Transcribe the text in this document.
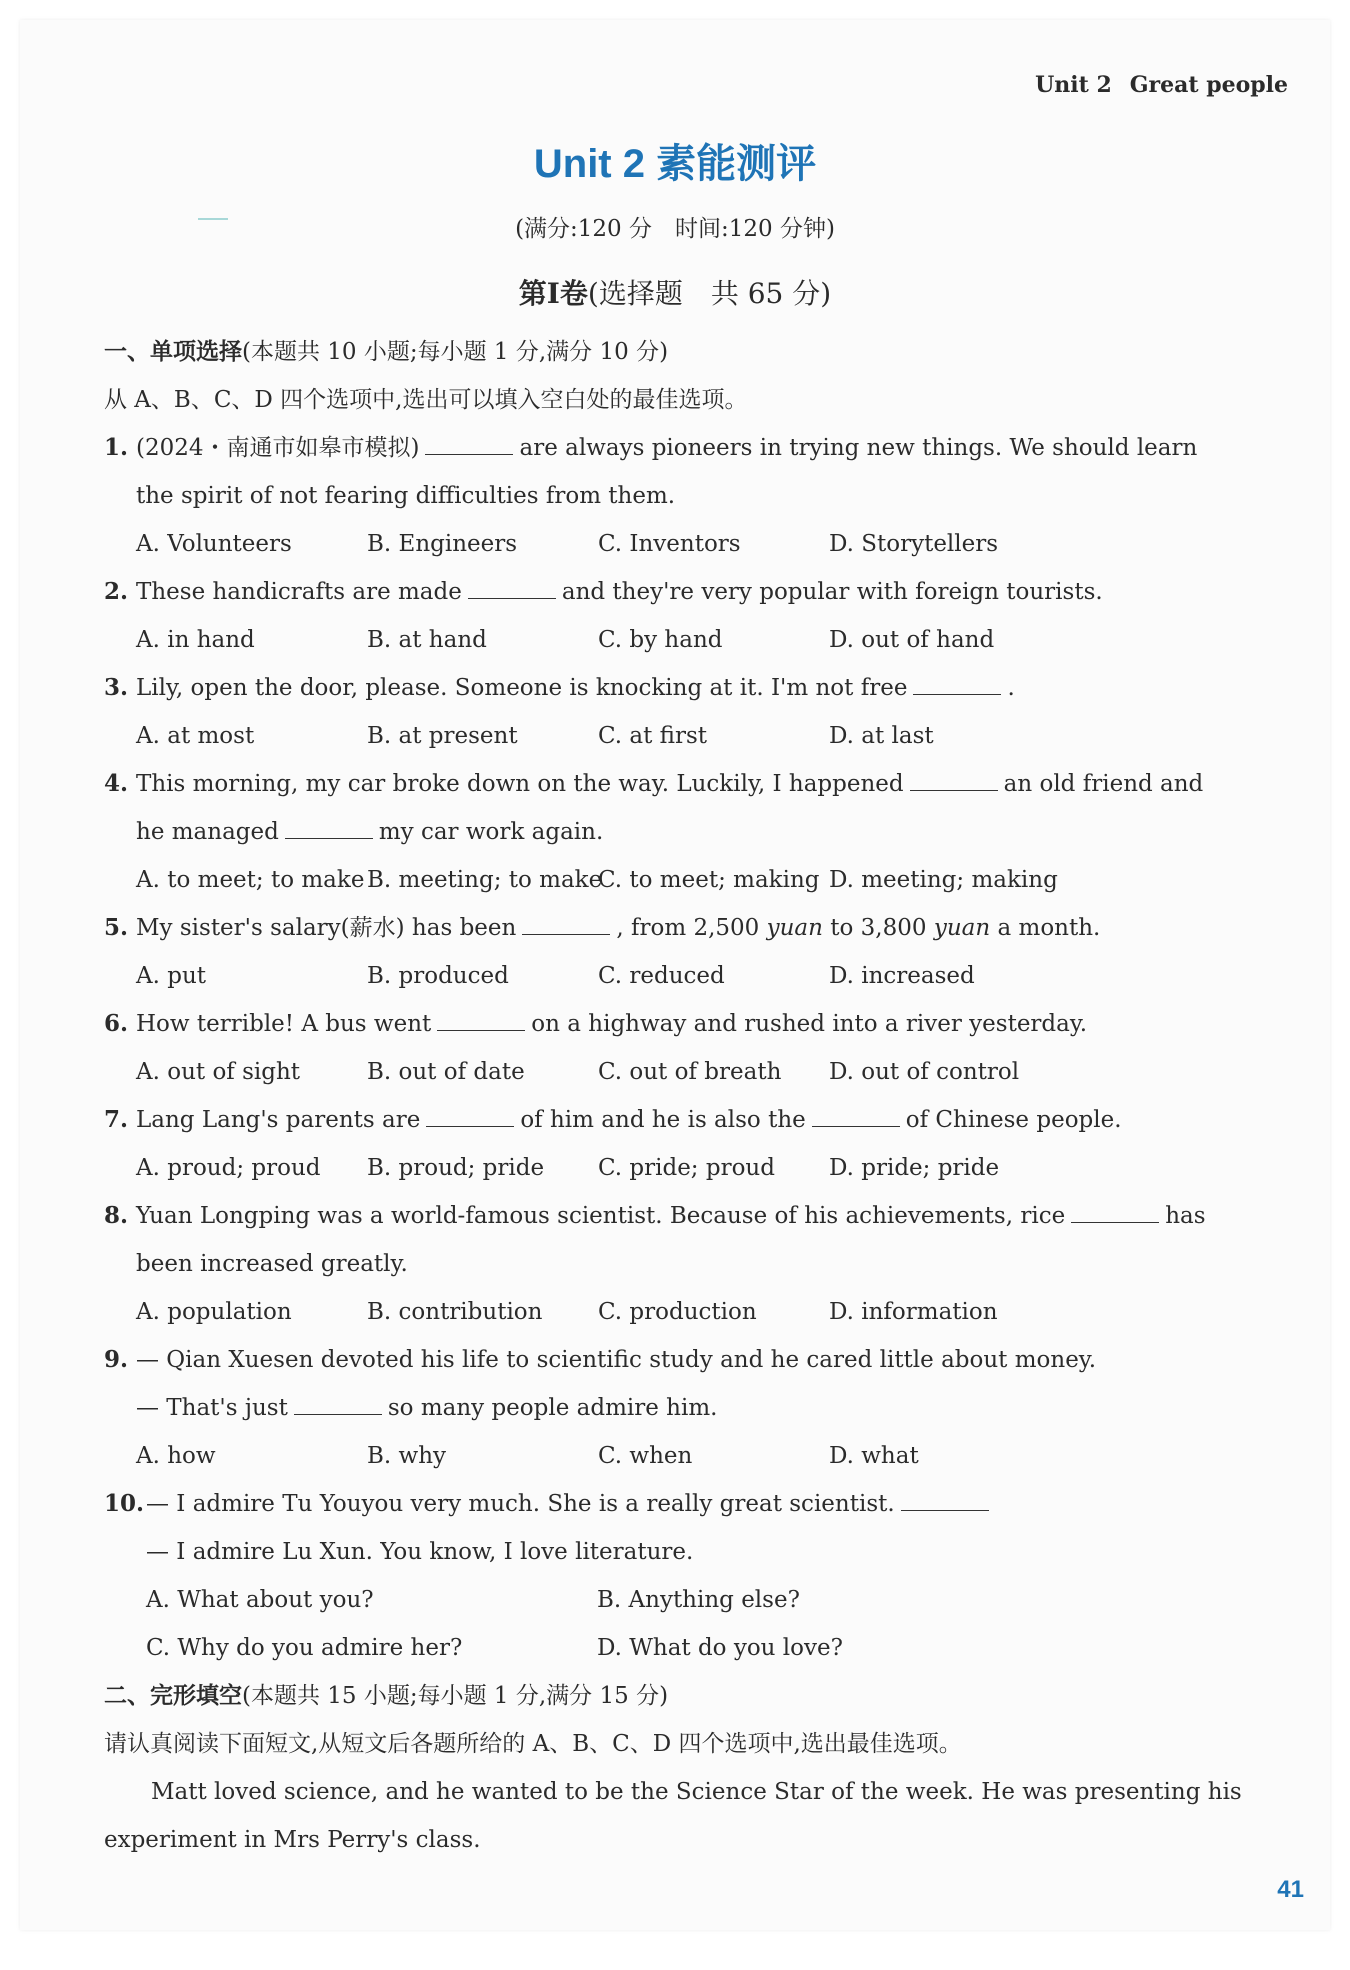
Unit 2 Great people
Unit 2 素能测评
(满分:120 分　时间:120 分钟)
第Ⅰ卷(选择题　共 65 分)
一、单项选择(本题共 10 小题;每小题 1 分,满分 10 分)
从 A、B、C、D 四个选项中,选出可以填入空白处的最佳选项。
1. (2024・南通市如皋市模拟)	are always pioneers in trying new things. We should learn
the spirit of not fearing difficulties from them.
A. Volunteers	B. Engineers	C. Inventors	D. Storytellers
2. These handicrafts are made	and they're very popular with foreign tourists.
A. in hand	B. at hand	C. by hand	D. out of hand
3. Lily, open the door, please. Someone is knocking at it. I'm not free	.
A. at most	B. at present	C. at first	D. at last
4. This morning, my car broke down on the way. Luckily, I happened	an old friend and
he managed	my car work again.
A. to meet; to make B. meeting; to make
C. to meet; making D. meeting; making
5. My sister's salary(薪水) has been	, from 2,500 yuan to 3,800 yuan a month.
A. put	B. produced	C. reduced	D. increased
6. How terrible! A bus went	on a highway and rushed into a river yesterday.
A. out of sight	B. out of date	C. out of breath	D. out of control
7. Lang Lang's parents are	of him and he is also the	of Chinese people.
A. proud; proud	B. proud; pride	C. pride; proud	D. pride; pride
8. Yuan Longping was a world-famous scientist. Because of his achievements, rice	has
been increased greatly.
A. population	B. contribution	C. production	D. information
9. — Qian Xuesen devoted his life to scientific study and he cared little about money.
— That's just	so many people admire him.
A. how	B. why	C. when	D. what
10. — I admire Tu Youyou very much. She is a really great scientist.
— I admire Lu Xun. You know, I love literature.
A. What about you?	B. Anything else?
C. Why do you admire her?	D. What do you love?
二、完形填空(本题共 15 小题;每小题 1 分,满分 15 分)
请认真阅读下面短文,从短文后各题所给的 A、B、C、D 四个选项中,选出最佳选项。
Matt loved science, and he wanted to be the Science Star of the week. He was presenting his
experiment in Mrs Perry's class.
41
